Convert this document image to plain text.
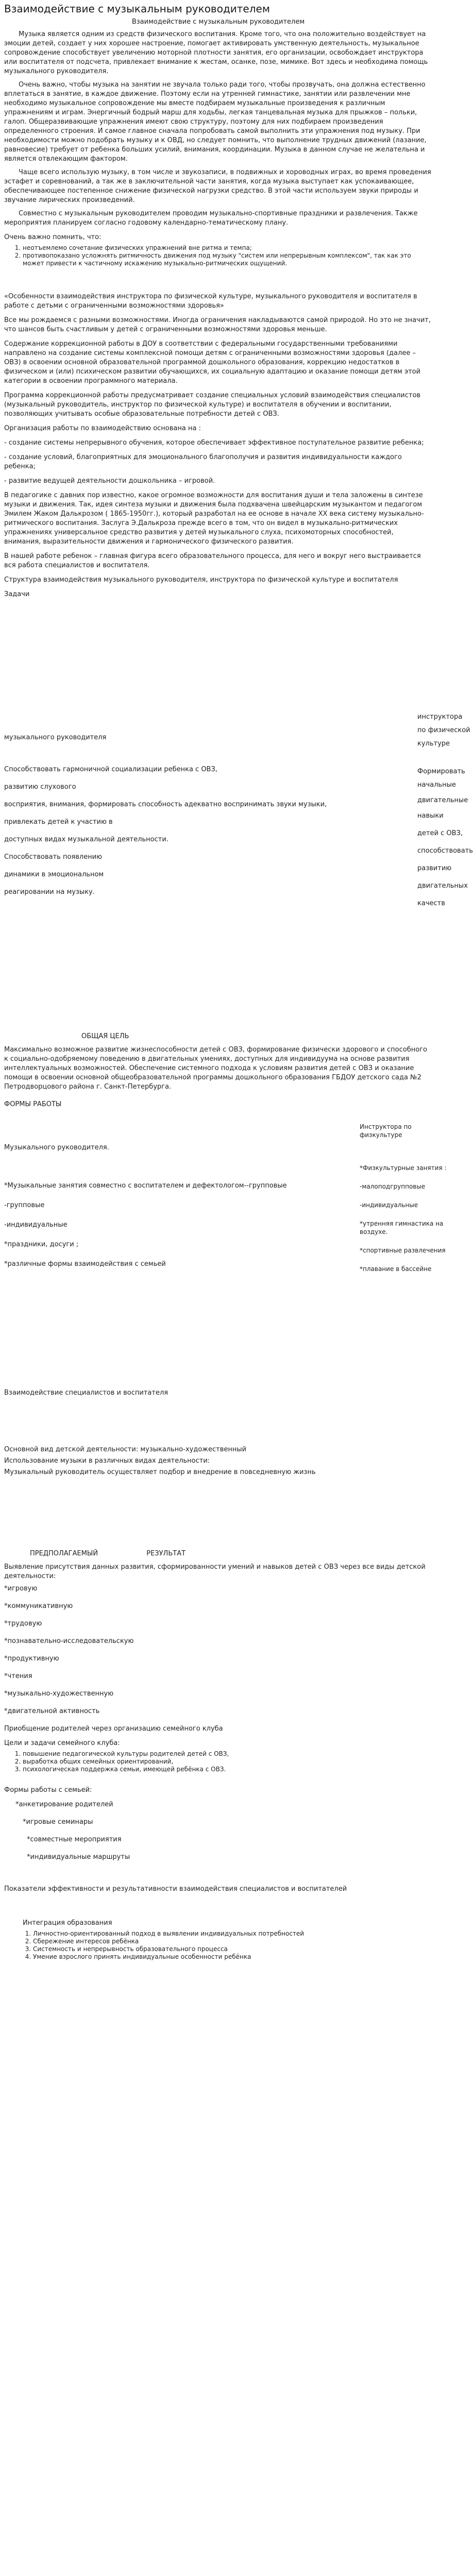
Взаимодействие с музыкальным руководителем

Взаимодействие с музыкальным руководителем

Музыка является одним из средств физического воспитания. Кроме того, что она положительно воздействует на эмоции детей, создает у них хорошее настроение, помогает активировать умственную деятельность, музыкальное сопровождение способствует увеличению моторной плотности занятия, его организации, освобождает инструктора или воспитателя от подсчета, привлекает внимание к жестам, осанке, позе, мимике. Вот здесь и необходима помощь музыкального руководителя.

Очень важно, чтобы музыка на занятии не звучала только ради того, чтобы прозвучать, она должна естественно вплетаться в занятие, в каждое движение. Поэтому если на утренней гимнастике, занятии или развлечении мне необходимо музыкальное сопровождение мы вместе подбираем музыкальные произведения к различным упражнениям и играм. Энергичный бодрый марш для ходьбы, легкая танцевальная музыка для прыжков – польки, галоп. Общеразвивающие упражнения имеют свою структуру, поэтому для них подбираем произведения определенного строения. И самое главное сначала попробовать самой выполнить эти упражнения под музыку. При необходимости можно подобрать музыку и к ОВД, но следует помнить, что выполнение трудных движений (лазание, равновесие) требует от ребенка больших усилий, внимания, координации. Музыка в данном случае не желательна и является отвлекающим фактором.

Чаще всего использую музыку, в том числе и звукозаписи, в подвижных и хороводных играх, во время проведения эстафет и соревнований, а так же в заключительной части занятия, когда музыка выступает как успокаивающее, обеспечивающее постепенное снижение физической нагрузки средство. В этой части используем звуки природы и звучание лирических произведений.

Совместно с музыкальным руководителем проводим музыкально-спортивные праздники и развлечения. Также мероприятия планируем согласно годовому календарно-тематическому плану.

Очень важно помнить, что:

1. неотъемлемо сочетание физических упражнений вне ритма и темпа;
2. противопоказано усложнять ритмичность движения под музыку "систем или непрерывным комплексом", так как это может привести к частичному искажению музыкально-ритмических ощущений.

«Особенности взаимодействия инструктора по физической культуре, музыкального руководителя и воспитателя в работе с детьми с ограниченными возможностями здоровья»

Все мы рождаемся с разными возможностями. Иногда ограничения накладываются самой природой. Но это не значит, что шансов быть счастливым у детей с ограниченными возможностями здоровья меньше.

Содержание коррекционной работы в ДОУ в соответствии с федеральными государственными требованиями направлено на создание системы комплексной помощи детям с ограниченными возможностями здоровья (далее – ОВЗ) в освоении основной образовательной программой дошкольного образования, коррекцию недостатков в физическом и (или) психическом развитии обучающихся, их социальную адаптацию и оказание помощи детям этой категории в освоении программного материала.

Программа коррекционной работы предусматривает создание специальных условий взаимодействия специалистов (музыкальный руководитель, инструктор по физической культуре) и воспитателя в обучении и воспитании, позволяющих учитывать особые образовательные потребности детей с ОВЗ.

Организация работы по взаимодействию основана на :

- создание системы непрерывного обучения, которое обеспечивает эффективное поступательное развитие ребенка;

- создание условий, благоприятных для эмоционального благополучия и развития индивидуальности каждого ребенка;

- развитие ведущей деятельности дошкольника – игровой.

В педагогике с давних пор известно, какое огромное возможности для воспитания души и тела заложены в синтезе музыки и движения. Так, идея синтеза музыки и движения была подхвачена швейцарским музыкантом и педагогом Эмилем Жаком Далькрозом ( 1865-1950гг.), который разработал на ее основе в начале XX века систему музыкально-ритмического воспитания. Заслуга Э.Далькроза прежде всего в том, что он видел в музыкально-ритмических упражнениях универсальное средство развития у детей музыкального слуха, психомоторных способностей, внимания, выразительности движения и гармонического физического развития.

В нашей работе ребенок – главная фигура всего образовательного процесса, для него и вокруг него выстраивается вся работа специалистов и воспитателя.

Структура взаимодействия музыкального руководителя, инструктора по физической культуре и воспитателя

Задачи

инструктора
по физической
культуре
Формировать
начальные
двигательные
навыки
детей с ОВЗ,
способствовать
развитию
двигательных
качеств
музыкального руководителя
Способствовать гармоничной социализации ребенка с ОВЗ,
развитию слухового
восприятия, внимания, формировать способность адекватно воспринимать звуки музыки,
привлекать детей к участию в
доступных видах музыкальной деятельности.
Способствовать появлению
динамики в эмоциональном
реагировании на музыку.

ОБЩАЯ ЦЕЛЬ

Максимально возможное развитие жизнеспособности детей с ОВЗ, формирование физически здорового и способного к социально-одобряемому поведению в двигательных умениях, доступных для индивидуума на основе развития интеллектуальных возможностей. Обеспечение системного подхода к условиям развития детей с ОВЗ и оказание помощи в освоении основной общеобразовательной программы дошкольного образования ГБДОУ детского сада №2 Петродворцового района г. Санкт-Петербурга.

ФОРМЫ РАБОТЫ

Инструктора по физкультуре
*Физкультурные занятия :
-малоподгрупповые
-индивидуальные
*утренняя гимнастика на воздухе.
*спортивные развлечения
*плавание в бассейне
Музыкального руководителя.
*Музыкальные занятия совместно с воспитателем и дефектологом--групповые
-групповые
-индивидуальные
*праздники, досуги ;
*различные формы взаимодействия с семьей

Взаимодействие специалистов и воспитателя

Основной вид детской деятельности: музыкально-художественный

Использование музыки в различных видах деятельности:

Музыкальный руководитель осуществляет подбор и внедрение в повседневную жизнь

ПРЕДПОЛАГАЕМЫЙ	РЕЗУЛЬТАТ

Выявление присутствия данных развития, сформированности умений и навыков детей с ОВЗ через все виды детской деятельности:

*игровую
*коммуникативную
*трудовую
*познавательно-исследовательскую
*продуктивную
*чтения
*музыкально-художественную
*двигательной активность

Приобщение родителей через организацию семейного клуба

Цели и задачи семейного клуба:

1. повышение педагогической культуры родителей детей с ОВЗ,
2. выработка общих семейных ориентирований,
3. психологическая поддержка семьи, имеющей ребёнка с ОВЗ.

Формы работы с семьей:

*анкетирование родителей
*игровые семинары
*совместные мероприятия
*индивидуальные маршруты

Показатели эффективности и результативности взаимодействия специалистов и воспитателей

Интеграция образования

1. Личностно-ориентированный подход в выявлении индивидуальных потребностей
2. Сбережение интересов ребёнка
3. Системность и непрерывность образовательного процесса
4. Умение взрослого принять индивидуальные особенности ребёнка
